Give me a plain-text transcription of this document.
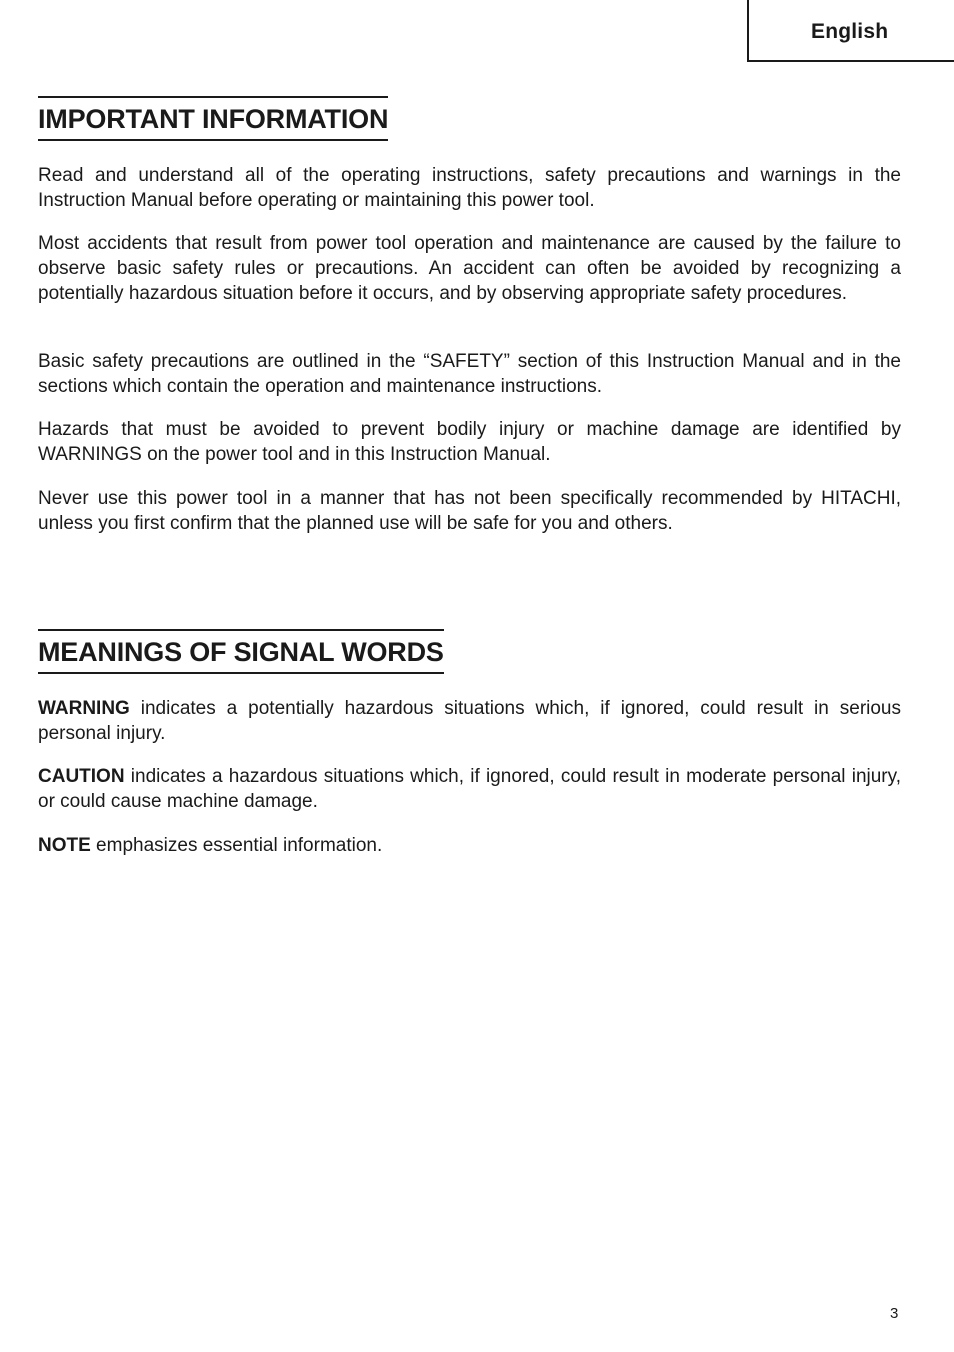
English
IMPORTANT INFORMATION

Read and understand all of the operating instructions, safety precautions and warnings in the Instruction Manual before operating or maintaining this power tool.

Most accidents that result from power tool operation and maintenance are caused by the failure to observe basic safety rules or precautions. An accident can often be avoided by recognizing a potentially hazardous situation before it occurs, and by observing appropriate safety procedures.

Basic safety precautions are outlined in the “SAFETY” section of this Instruction Manual and in the sections which contain the operation and maintenance instructions.

Hazards that must be avoided to prevent bodily injury or machine damage are identified by WARNINGS on the power tool and in this Instruction Manual.

Never use this power tool in a manner that has not been specifically recommended by HITACHI, unless you first confirm that the planned use will be safe for you and others.

MEANINGS OF SIGNAL WORDS

WARNING indicates a potentially hazardous situations which, if ignored, could result in serious personal injury.

CAUTION indicates a hazardous situations which, if ignored, could result in moderate personal injury, or could cause machine damage.

NOTE emphasizes essential information.

3
